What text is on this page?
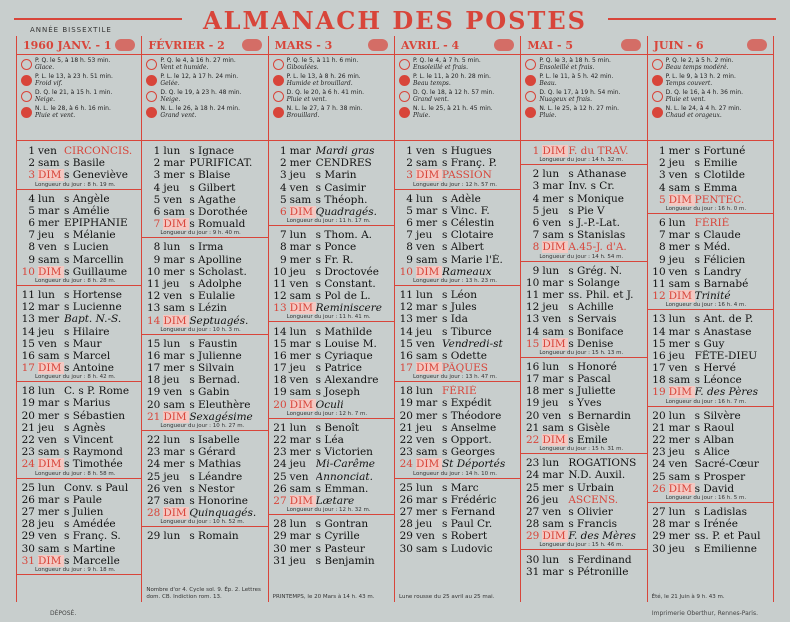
ALMANACH DES POSTES
ANNÉE BISSEXTILE
1960 JANV. - 1
P. Q. le 5, à 18 h. 53 min.
Glace.
P. L. le 13, à 23 h. 51 min.
Froid vif.
D. Q. le 21, à 15 h. 1 min.
Neige.
N. L. le 28, à 6 h. 16 min.
Pluie et vent.
1 ven CIRCONCIS.
2 sam s Basile
3 DIM s Geneviève
Longueur du jour : 8 h. 19 m.
4 lun s Angèle
5 mar s Amélie
6 mer EPIPHANIE
7 jeu s Mélanie
8 ven s Lucien
9 sam s Marcellin
10 DIM s Guillaume
Longueur du jour : 8 h. 28 m.
11 lun s Hortense
12 mar s Lucienne
13 mer Bapt. N.-S.
14 jeu s Hilaire
15 ven s Maur
16 sam s Marcel
17 DIM s Antoine
Longueur du jour : 8 h. 42 m.
18 lun C. s P. Rome
19 mar s Marius
20 mer s Sébastien
21 jeu s Agnès
22 ven s Vincent
23 sam s Raymond
24 DIM s Timothée
Longueur du jour : 8 h. 58 m.
25 lun Conv. s Paul
26 mar s Paule
27 mer s Julien
28 jeu s Amédée
29 ven s Franç. S.
30 sam s Martine
31 DIM s Marcelle
Longueur du jour : 9 h. 18 m.
FÉVRIER - 2
P. Q. le 4, à 16 h. 27 min.
Vent et humide.
P. L. le 12, à 17 h. 24 min.
Gelée.
D. Q. le 19, à 23 h. 48 min.
Neige.
N. L. le 26, à 18 h. 24 min.
Grand vent.
1 lun s Ignace
2 mar PURIFICAT.
3 mer s Blaise
4 jeu s Gilbert
5 ven s Agathe
6 sam s Dorothée
7 DIM s Romuald
Longueur du jour : 9 h. 40 m.
8 lun s Irma
9 mar s Apolline
10 mer s Scholast.
11 jeu s Adolphe
12 ven s Eulalie
13 sam s Lézin
14 DIM Septuagés.
Longueur du jour : 10 h. 3 m.
15 lun s Faustin
16 mar s Julienne
17 mer s Silvain
18 jeu s Bernad.
19 ven s Gabin
20 sam s Eleuthère
21 DIM Sexagésime
Longueur du jour : 10 h. 27 m.
22 lun s Isabelle
23 mar s Gérard
24 mer s Mathias
25 jeu s Léandre
26 ven s Nestor
27 sam s Honorine
28 DIM Quinquagés.
Longueur du jour : 10 h. 52 m.
29 lun s Romain
Nombre d'or 4. Cycle sol. 9. Ép. 2. Lettres dom. CB. Indiction rom. 13.
MARS - 3
P. Q. le 5, à 11 h. 6 min.
Giboulées.
P. L. le 13, à 8 h. 26 min.
Humide et brouillard.
D. Q. le 20, à 6 h. 41 min.
Pluie et vent.
N. L. le 27, à 7 h. 38 min.
Brouillard.
1 mar Mardi gras
2 mer CENDRES
3 jeu s Marin
4 ven s Casimir
5 sam s Théoph.
6 DIM Quadragés.
Longueur du jour : 11 h. 17 m.
7 lun s Thom. A.
8 mar s Ponce
9 mer s Fr. R.
10 jeu s Droctovée
11 ven s Constant.
12 sam s Pol de L.
13 DIM Reminiscere
Longueur du jour : 11 h. 41 m.
14 lun s Mathilde
15 mar s Louise M.
16 mer s Cyriaque
17 jeu s Patrice
18 ven s Alexandre
19 sam s Joseph
20 DIM Oculi
Longueur du jour : 12 h. 7 m.
21 lun s Benoît
22 mar s Léa
23 mer s Victorien
24 jeu Mi-Carême
25 ven Annonciat.
26 sam s Emman.
27 DIM Lætare
Longueur du jour : 12 h. 32 m.
28 lun s Gontran
29 mar s Cyrille
30 mer s Pasteur
31 jeu s Benjamin
PRINTEMPS, le 20 Mars à 14 h. 43 m.
AVRIL - 4
P. Q. le 4, à 7 h. 5 min.
Ensoleillé et frais.
P. L. le 11, à 20 h. 28 min.
Beau temps.
D. Q. le 18, à 12 h. 57 min.
Grand vent.
N. L. le 25, à 21 h. 45 min.
Pluie.
1 ven s Hugues
2 sam s Franç. P.
3 DIM PASSION
Longueur du jour : 12 h. 57 m.
4 lun s Adèle
5 mar s Vinc. F.
6 mer s Célestin
7 jeu s Clotaire
8 ven s Albert
9 sam s Marie l'É.
10 DIM Rameaux
Longueur du jour : 13 h. 23 m.
11 lun s Léon
12 mar s Jules
13 mer s Ida
14 jeu s Tiburce
15 ven Vendredi-st
16 sam s Odette
17 DIM PÂQUES
Longueur du jour : 13 h. 47 m.
18 lun FÉRIÉ
19 mar s Expédit
20 mer s Théodore
21 jeu s Anselme
22 ven s Opport.
23 sam s Georges
24 DIM St Déportés
Longueur du jour : 14 h. 10 m.
25 lun s Marc
26 mar s Frédéric
27 mer s Fernand
28 jeu s Paul Cr.
29 ven s Robert
30 sam s Ludovic
Lune rousse du 25 avril au 25 mai.
MAI - 5
P. Q. le 3, à 18 h. 5 min.
Ensoleillé et frais.
P. L. le 11, à 5 h. 42 min.
Beau.
D. Q. le 17, à 19 h. 54 min.
Nuageux et frais.
N. L. le 25, à 12 h. 27 min.
Pluie.
1 DIM F. du TRAV.
Longueur du jour : 14 h. 32 m.
2 lun s Athanase
3 mar Inv. s Cr.
4 mer s Monique
5 jeu s Pie V
6 ven s J.-P.-Lat.
7 sam s Stanislas
8 DIM A.45-J. d'A.
Longueur du jour : 14 h. 54 m.
9 lun s Grég. N.
10 mar s Solange
11 mer ss. Phil. et J.
12 jeu s Achille
13 ven s Servais
14 sam s Boniface
15 DIM s Denise
Longueur du jour : 15 h. 13 m.
16 lun s Honoré
17 mar s Pascal
18 mer s Juliette
19 jeu s Yves
20 ven s Bernardin
21 sam s Gisèle
22 DIM s Emile
Longueur du jour : 15 h. 31 m.
23 lun ROGATIONS
24 mar N.D. Auxil.
25 mer s Urbain
26 jeu ASCENS.
27 ven s Olivier
28 sam s Francis
29 DIM F. des Mères
Longueur du jour : 15 h. 46 m.
30 lun s Ferdinand
31 mar s Pétronille
JUIN - 6
P. Q. le 2, à 5 h. 2 min.
Beau temps modéré.
P. L. le 9, à 13 h. 2 min.
Temps couvert.
D. Q. le 16, à 4 h. 36 min.
Pluie et vent.
N. L. le 24, à 4 h. 27 min.
Chaud et orageux.
1 mer s Fortuné
2 jeu s Emilie
3 ven s Clotilde
4 sam s Emma
5 DIM PENTEC.
Longueur du jour : 16 h. 0 m.
6 lun FÉRIÉ
7 mar s Claude
8 mer s Méd.
9 jeu s Félicien
10 ven s Landry
11 sam s Barnabé
12 DIM Trinité
Longueur du jour : 16 h. 4 m.
13 lun s Ant. de P.
14 mar s Anastase
15 mer s Guy
16 jeu FÊTE-DIEU
17 ven s Hervé
18 sam s Léonce
19 DIM F. des Pères
Longueur du jour : 16 h. 7 m.
20 lun s Silvère
21 mar s Raoul
22 mer s Alban
23 jeu s Alice
24 ven Sacré-Cœur
25 sam s Prosper
26 DIM s David
Longueur du jour : 16 h. 5 m.
27 lun s Ladislas
28 mar s Irénée
29 mer ss. P. et Paul
30 jeu s Emilienne
Été, le 21 Juin à 9 h. 43 m.
DÉPOSÉ.	Imprimerie Oberthur, Rennes-Paris.
